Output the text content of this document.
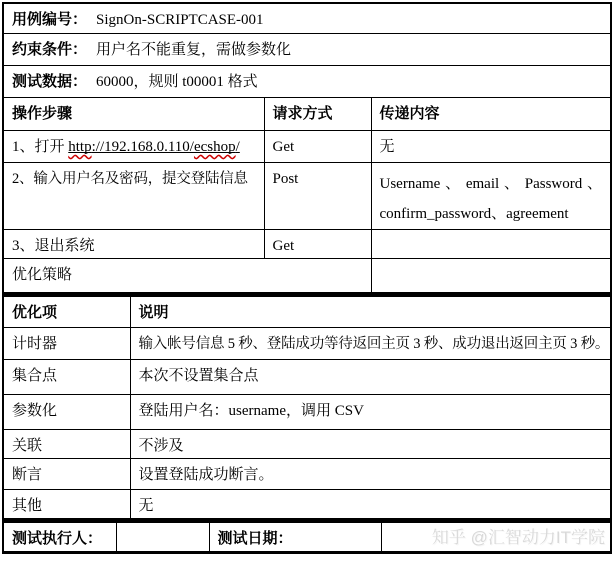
用例编号： SignOn-SCRIPTCASE-001		
约束条件： 用户名不能重复，需做参数化		
测试数据： 60000，规则 t00001 格式		
操作步骤	请求方式	传递内容
1、打开 http://192.168.0.110/ecshop/	Get	无
2、输入用户名及密码，提交登陆信息	Post	Username 、 email 、 Password 、 confirm_password、agreement
3、退出系统	Get	
优化策略		
优化项	说明
计时器	输入帐号信息 5 秒、登陆成功等待返回主页 3 秒、成功退出返回主页 3 秒。
集合点	本次不设置集合点
参数化	登陆用户名：username，调用 CSV
关联	不涉及
断言	设置登陆成功断言。
其他	无
测试执行人：		测试日期：	知乎 @汇智动力IT学院
